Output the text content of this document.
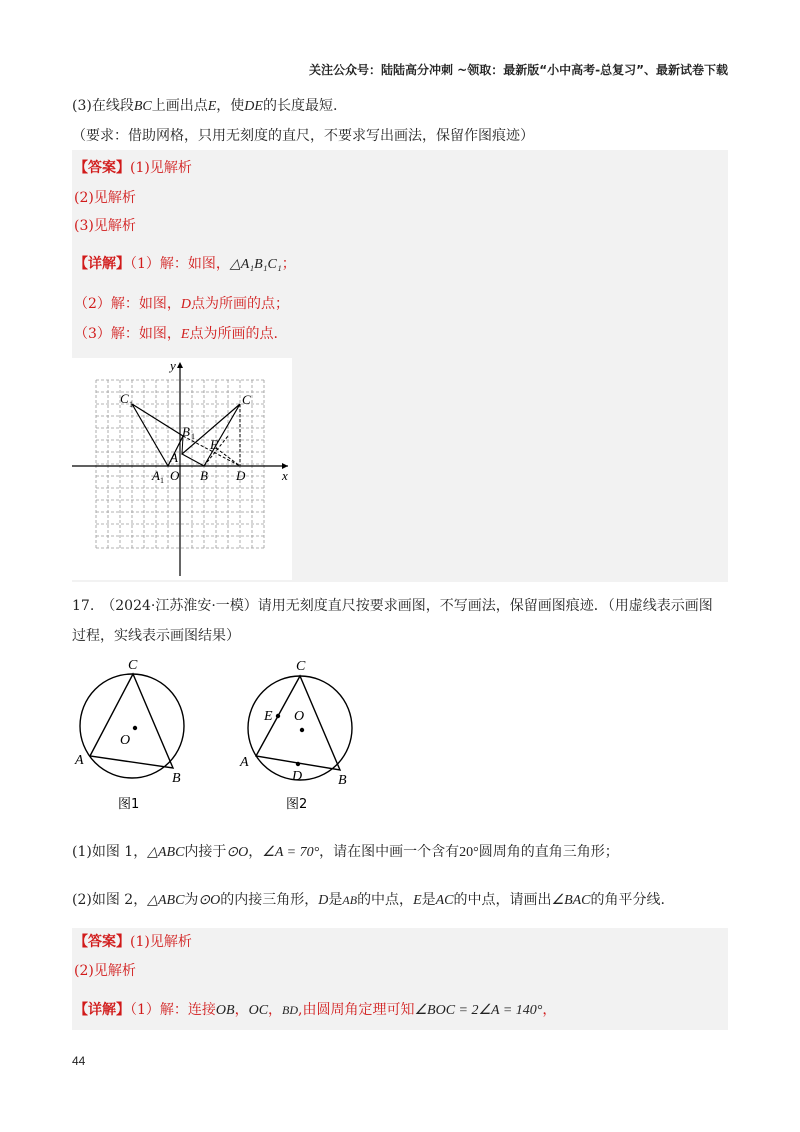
关注公众号：陆陆高分冲刺 ~领取：最新版“小中高考-总复习”、最新试卷下载
(3)在线段BC上画出点E，使DE的长度最短.
（要求：借助网格，只用无刻度的直尺，不要求写出画法，保留作图痕迹）
【答案】(1)见解析
(2)见解析
(3)见解析
【详解】（1）解：如图，△A₁B₁C₁；
（2）解：如图，D点为所画的点；
（3）解：如图，E点为所画的点.
y
x
C 1	C
B 1
E
A
A 1 O B D
17.　（2024·江苏淮安·一模）请用无刻度直尺按要求画图，不写画法，保留画图痕迹．（用虚线表示画图
过程，实线表示画图结果）
C
O
A
B
图1
C
E O
A
D	B
图2
(1)如图 1，△ABC内接于⊙O，∠A = 70°，请在图中画一个含有20°圆周角的直角三角形；
(2)如图 2，△ABC为⊙O的内接三角形，D是AB的中点，E是AC的中点，请画出∠BAC的角平分线.
【答案】(1)见解析
(2)见解析
【详解】（1）解：连接OB，OC，BD,由圆周角定理可知∠BOC = 2∠A = 140°，
44
